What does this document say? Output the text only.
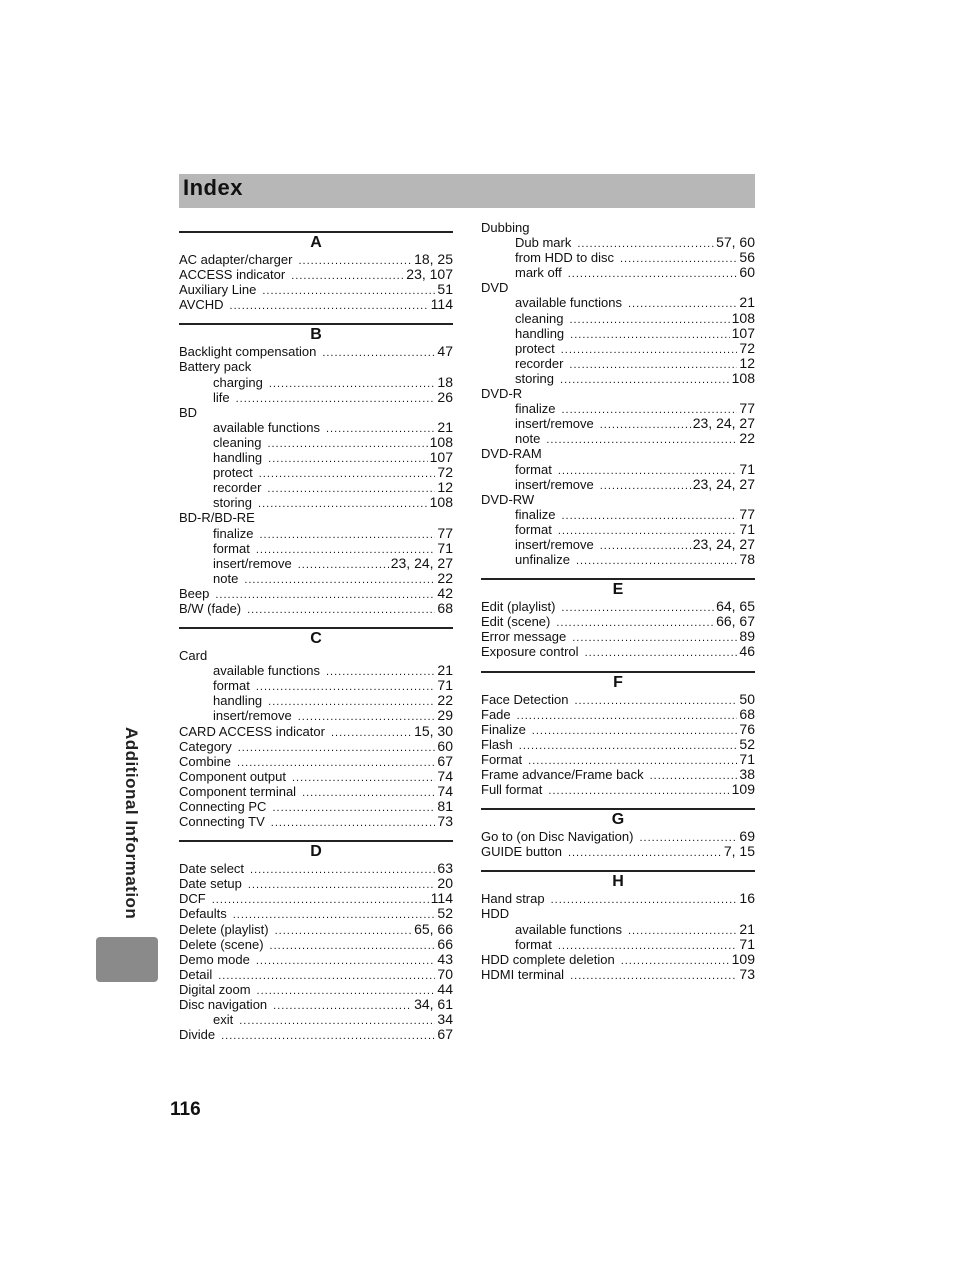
Index
A
AC adapter/charger .....	18, 25
ACCESS indicator .....	23, 107
Auxiliary Line .....	51
AVCHD .....	114
B
Backlight compensation .....	47
Battery pack
charging .....	18
life .....	26
BD
available functions .....	21
cleaning .....	108
handling .....	107
protect .....	72
recorder .....	12
storing .....	108
BD-R/BD-RE
finalize .....	77
format .....	71
insert/remove .....	23, 24, 27
note .....	22
Beep .....	42
B/W (fade) .....	68
C
Card
available functions .....	21
format .....	71
handling .....	22
insert/remove .....	29
CARD ACCESS indicator .....	15, 30
Category .....	60
Combine .....	67
Component output .....	74
Component terminal .....	74
Connecting PC .....	81
Connecting TV .....	73
D
Date select .....	63
Date setup .....	20
DCF .....	114
Defaults .....	52
Delete (playlist) .....	65, 66
Delete (scene) .....	66
Demo mode .....	43
Detail .....	70
Digital zoom .....	44
Disc navigation .....	34, 61
exit .....	34
Divide .....	67
Dubbing
Dub mark .....	57, 60
from HDD to disc .....	56
mark off .....	60
DVD
available functions .....	21
cleaning .....	108
handling .....	107
protect .....	72
recorder .....	12
storing .....	108
DVD-R
finalize .....	77
insert/remove .....	23, 24, 27
note .....	22
DVD-RAM
format .....	71
insert/remove .....	23, 24, 27
DVD-RW
finalize .....	77
format .....	71
insert/remove .....	23, 24, 27
unfinalize .....	78
E
Edit (playlist) .....	64, 65
Edit (scene) .....	66, 67
Error message .....	89
Exposure control .....	46
F
Face Detection .....	50
Fade .....	68
Finalize .....	76
Flash .....	52
Format .....	71
Frame advance/Frame back .....	38
Full format .....	109
G
Go to (on Disc Navigation) .....	69
GUIDE button .....	7, 15
H
Hand strap .....	16
HDD
available functions .....	21
format .....	71
HDD complete deletion .....	109
HDMI terminal .....	73
Additional Information
116
